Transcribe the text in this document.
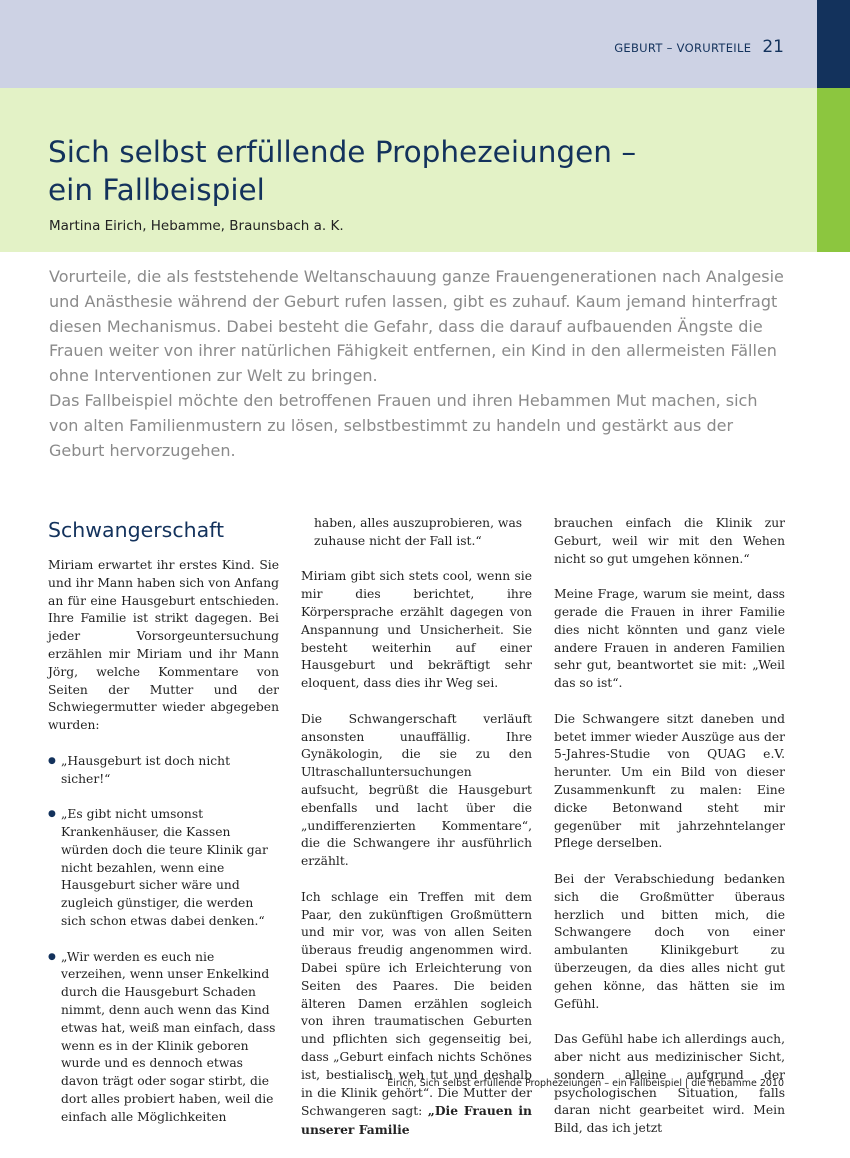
GEBURT – VORURTEILE 21
Sich selbst erfüllende Prophezeiungen –
ein Fallbeispiel
Martina Eirich, Hebamme, Braunsbach a. K.

Vorurteile, die als feststehende Weltanschauung ganze Frauengenerationen nach Analgesie und Anästhesie während der Geburt rufen lassen, gibt es zuhauf. Kaum jemand hinterfragt diesen Mechanismus. Dabei besteht die Gefahr, dass die darauf aufbauenden Ängste die Frauen weiter von ihrer natürlichen Fähigkeit entfernen, ein Kind in den allermeisten Fällen ohne Interventionen zur Welt zu bringen.

Das Fallbeispiel möchte den betroffenen Frauen und ihren Hebammen Mut machen, sich von alten Familienmustern zu lösen, selbstbestimmt zu handeln und gestärkt aus der Geburt hervorzugehen.

Schwangerschaft

Miriam erwartet ihr erstes Kind. Sie und ihr Mann haben sich von Anfang an für eine Hausgeburt entschieden. Ihre Familie ist strikt dagegen. Bei jeder Vorsorgeuntersuchung erzählen mir Miriam und ihr Mann Jörg, welche Kommentare von Seiten der Mutter und der Schwiegermutter wieder abgegeben wurden:

● „Hausgeburt ist doch nicht sicher!“
● „Es gibt nicht umsonst Krankenhäuser, die Kassen würden doch die teure Klinik gar nicht bezahlen, wenn eine Hausgeburt sicher wäre und zugleich günstiger, die werden sich schon etwas dabei denken.“
● „Wir werden es euch nie verzeihen, wenn unser Enkelkind durch die Hausgeburt Schaden nimmt, denn auch wenn das Kind etwas hat, weiß man einfach, dass wenn es in der Klinik geboren wurde und es dennoch etwas davon trägt oder sogar stirbt, die dort alles probiert haben, weil die einfach alle Möglichkeiten

haben, alles auszuprobieren, was zuhause nicht der Fall ist.“

Miriam gibt sich stets cool, wenn sie mir dies berichtet, ihre Körpersprache erzählt dagegen von Anspannung und Unsicherheit. Sie besteht weiterhin auf einer Hausgeburt und bekräftigt sehr eloquent, dass dies ihr Weg sei.

Die Schwangerschaft verläuft ansonsten unauffällig. Ihre Gynäkologin, die sie zu den Ultraschalluntersuchungen aufsucht, begrüßt die Hausgeburt ebenfalls und lacht über die „undifferenzierten Kommentare“, die die Schwangere ihr ausführlich erzählt.

Ich schlage ein Treffen mit dem Paar, den zukünftigen Großmüttern und mir vor, was von allen Seiten überaus freudig angenommen wird. Dabei spüre ich Erleichterung von Seiten des Paares. Die beiden älteren Damen erzählen sogleich von ihren traumatischen Geburten und pflichten sich gegenseitig bei, dass „Geburt einfach nichts Schönes ist, bestialisch weh tut und deshalb in die Klinik gehört“. Die Mutter der Schwangeren sagt: „Die Frauen in unserer Familie

brauchen einfach die Klinik zur Geburt, weil wir mit den Wehen nicht so gut umgehen können.“

Meine Frage, warum sie meint, dass gerade die Frauen in ihrer Familie dies nicht könnten und ganz viele andere Frauen in anderen Familien sehr gut, beantwortet sie mit: „Weil das so ist“.

Die Schwangere sitzt daneben und betet immer wieder Auszüge aus der 5-Jahres-Studie von QUAG e.V. herunter. Um ein Bild von dieser Zusammenkunft zu malen: Eine dicke Betonwand steht mir gegenüber mit jahrzehntelanger Pflege derselben.

Bei der Verabschiedung bedanken sich die Großmütter überaus herzlich und bitten mich, die Schwangere doch von einer ambulanten Klinikgeburt zu überzeugen, da dies alles nicht gut gehen könne, das hätten sie im Gefühl.

Das Gefühl habe ich allerdings auch, aber nicht aus medizinischer Sicht, sondern alleine aufgrund der psychologischen Situation, falls daran nicht gearbeitet wird. Mein Bild, das ich jetzt

Eirich, Sich selbst erfüllende Prophezeiungen – ein Fallbeispiel | die hebamme 2010
